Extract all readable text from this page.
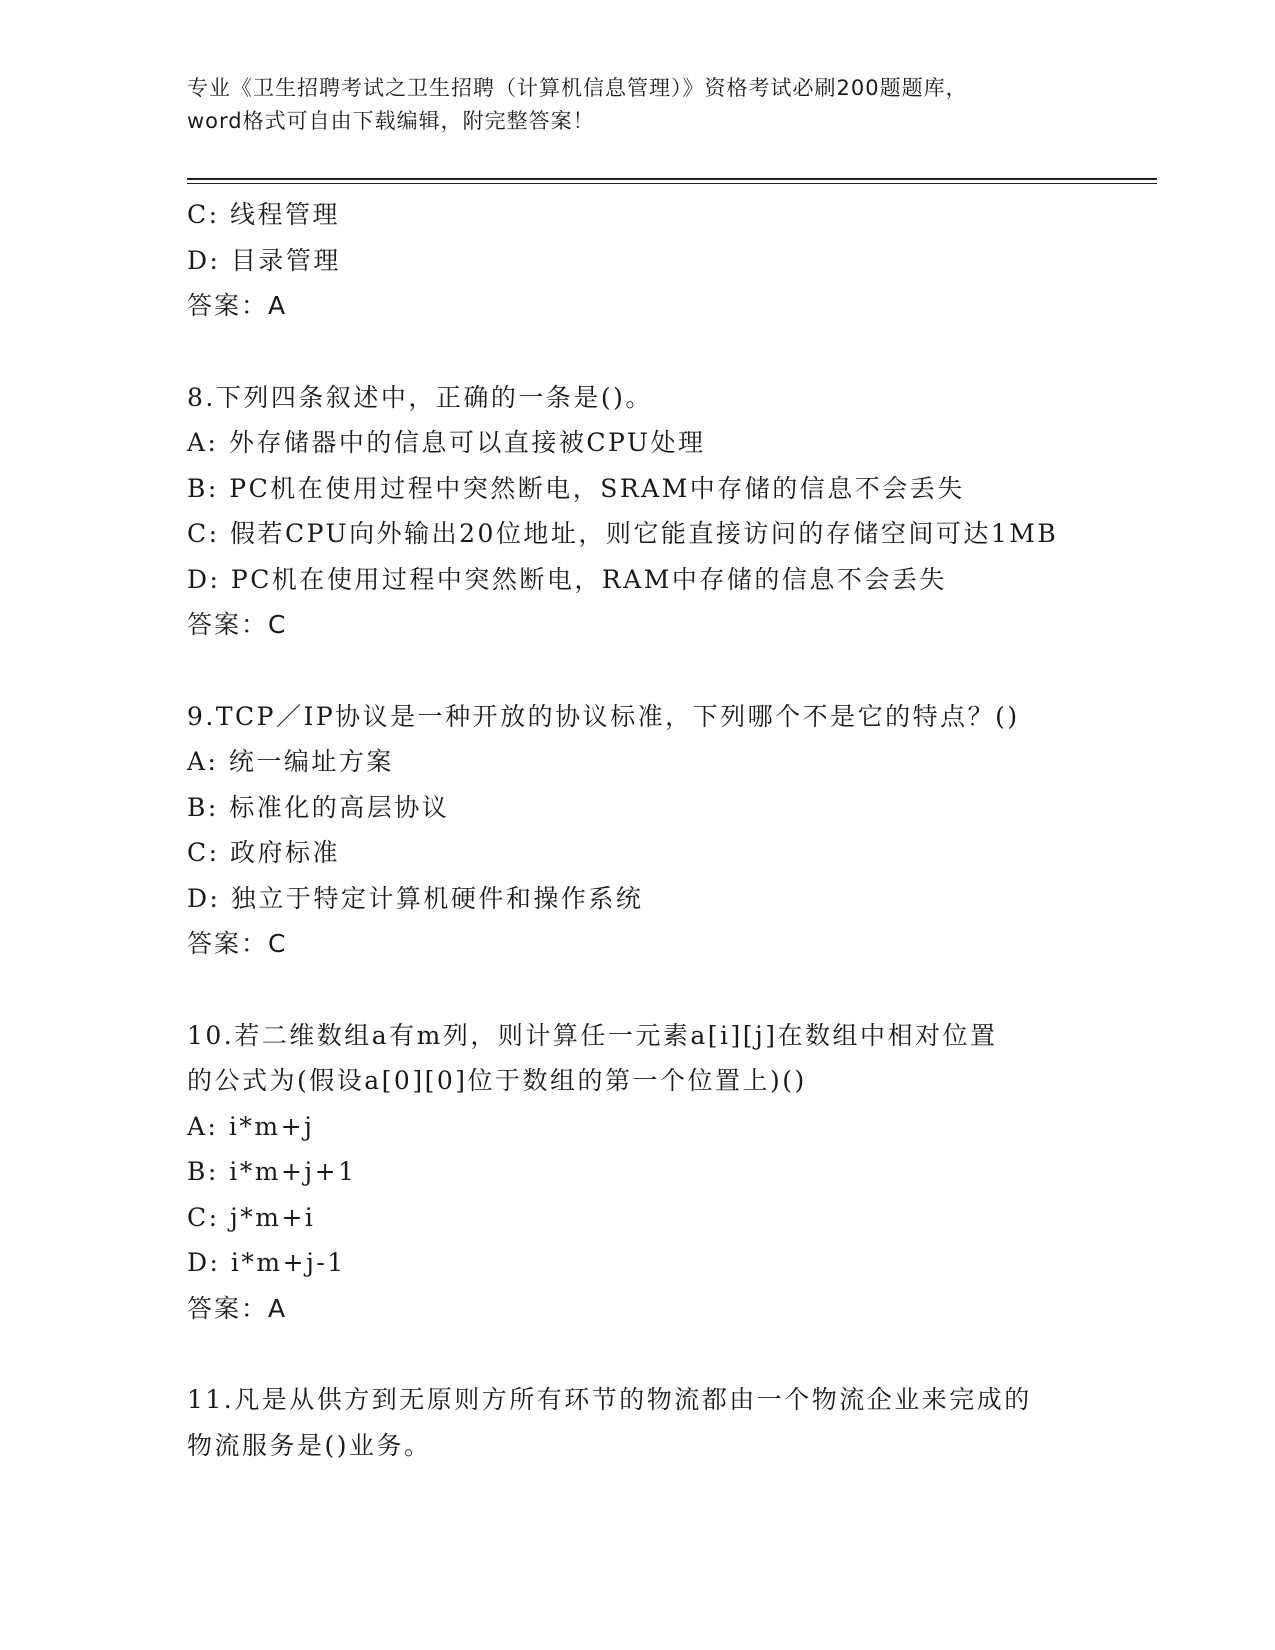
专业《卫生招聘考试之卫生招聘（计算机信息管理）》资格考试必刷200题题库，
word格式可自由下载编辑，附完整答案！
C: 线程管理
D: 目录管理
答案：A
8.下列四条叙述中，正确的一条是()。
A: 外存储器中的信息可以直接被CPU处理
B: PC机在使用过程中突然断电，SRAM中存储的信息不会丢失
C: 假若CPU向外输出20位地址，则它能直接访问的存储空间可达1MB
D: PC机在使用过程中突然断电，RAM中存储的信息不会丢失
答案：C
9.TCP／IP协议是一种开放的协议标准，下列哪个不是它的特点？()
A: 统一编址方案
B: 标准化的高层协议
C: 政府标准
D: 独立于特定计算机硬件和操作系统
答案：C
10.若二维数组a有m列，则计算任一元素a[i][j]在数组中相对位置
的公式为(假设a[0][0]位于数组的第一个位置上)()
A: i*m+j
B: i*m+j+1
C: j*m+i
D: i*m+j-1
答案：A
11.凡是从供方到无原则方所有环节的物流都由一个物流企业来完成的
物流服务是()业务。
